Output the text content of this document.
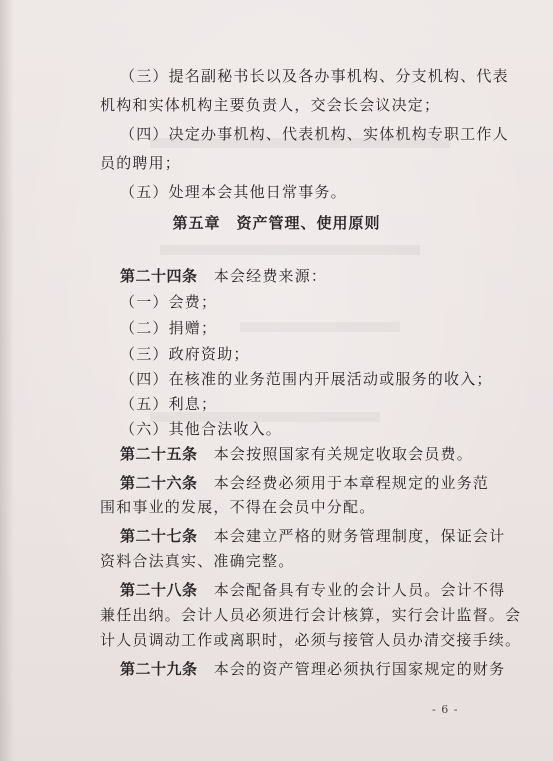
（三）提名副秘书长以及各办事机构、分支机构、代表
机构和实体机构主要负责人，交会长会议决定；
（四）决定办事机构、代表机构、实体机构专职工作人
员的聘用；
（五）处理本会其他日常事务。
第五章　资产管理、使用原则
第二十四条　 本会经费来源：
（一）会费；
（二）捐赠；
（三）政府资助；
（四）在核准的业务范围内开展活动或服务的收入；
（五）利息；
（六）其他合法收入。
第二十五条　 本会按照国家有关规定收取会员费。
第二十六条　 本会经费必须用于本章程规定的业务范
围和事业的发展，不得在会员中分配。
第二十七条　 本会建立严格的财务管理制度，保证会计
资料合法真实、准确完整。
第二十八条　 本会配备具有专业的会计人员。会计不得
兼任出纳。会计人员必须进行会计核算，实行会计监督。会
计人员调动工作或离职时，必须与接管人员办清交接手续。
第二十九条　 本会的资产管理必须执行国家规定的财务
- 6 -
